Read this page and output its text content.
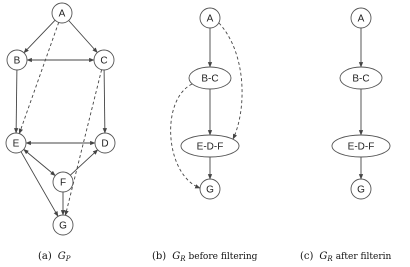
A
B	C
E	D
F
G
A
B-C
E-D-F
G
A
B-C
E-D-F
G
(a) $G_P$	(b) $G_R$ before filtering	(c) $G_R$ after filterin
